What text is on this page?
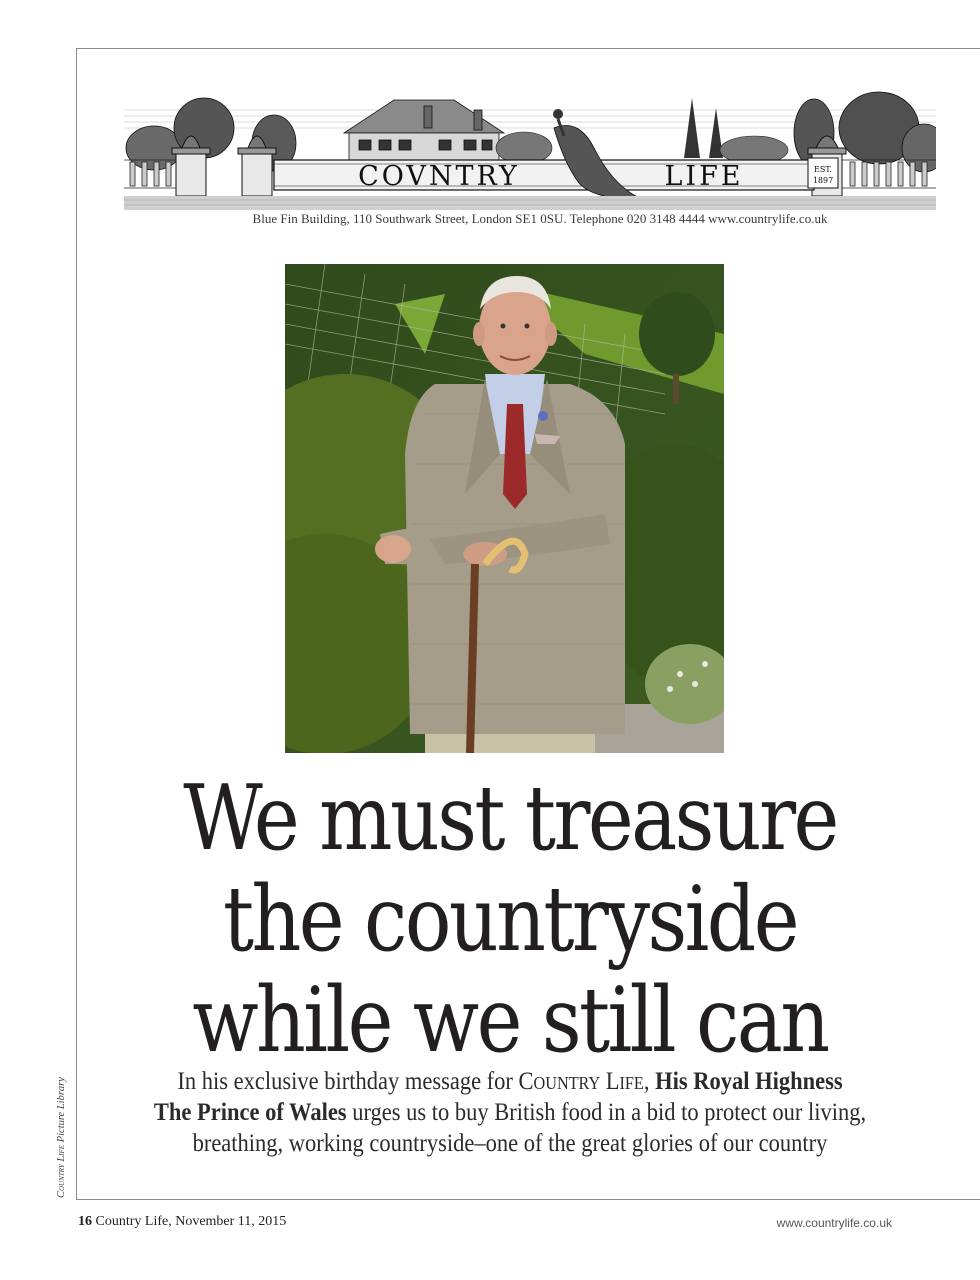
COVNTRY	LIFE	EST.
1897
Blue Fin Building, 110 Southwark Street, London SE1 0SU. Telephone 020 3148 4444 www.countrylife.co.uk
We must treasure
the countryside
while we still can
In his exclusive birthday message for Country Life, His Royal Highness
The Prince of Wales urges us to buy British food in a bid to protect our living, breathing, working countryside–one of the great glories of our country
Country Life Picture Library
16 Country Life, November 11, 2015	www.countrylife.co.uk
